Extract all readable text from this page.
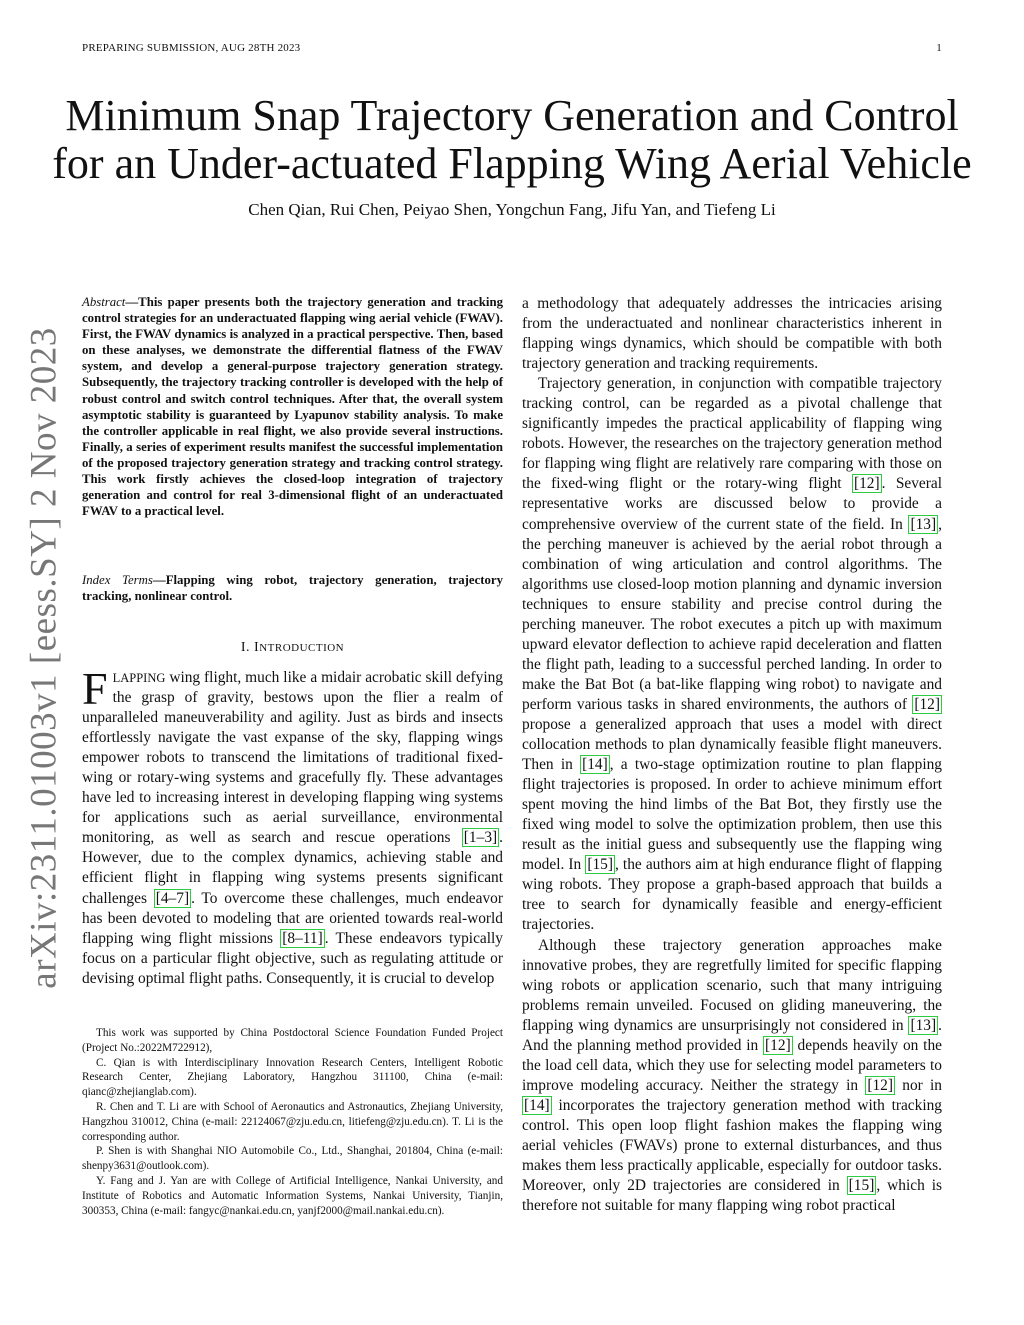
PREPARING SUBMISSION, AUG 28TH 2023	1
arXiv:2311.01003v1 [eess.SY] 2 Nov 2023
Minimum Snap Trajectory Generation and Control
for an Under-actuated Flapping Wing Aerial Vehicle
Chen Qian, Rui Chen, Peiyao Shen, Yongchun Fang, Jifu Yan, and Tiefeng Li

Abstract—This paper presents both the trajectory generation and tracking control strategies for an underactuated flapping wing aerial vehicle (FWAV). First, the FWAV dynamics is analyzed in a practical perspective. Then, based on these analyses, we demonstrate the differential flatness of the FWAV system, and develop a general-purpose trajectory generation strategy. Subsequently, the trajectory tracking controller is developed with the help of robust control and switch control techniques. After that, the overall system asymptotic stability is guaranteed by Lyapunov stability analysis. To make the controller applicable in real flight, we also provide several instructions. Finally, a series of experiment results manifest the successful implementation of the proposed trajectory generation strategy and tracking control strategy. This work firstly achieves the closed-loop integration of trajectory generation and control for real 3-dimensional flight of an underactuated FWAV to a practical level.

Index Terms—Flapping wing robot, trajectory generation, trajectory tracking, nonlinear control.

I. INTRODUCTION

FLAPPING wing flight, much like a midair acrobatic skill defying the grasp of gravity, bestows upon the flier a realm of unparalleled maneuverability and agility. Just as birds and insects effortlessly navigate the vast expanse of the sky, flapping wings empower robots to transcend the limitations of traditional fixed-wing or rotary-wing systems and gracefully fly. These advantages have led to increasing interest in developing flapping wing systems for applications such as aerial surveillance, environmental monitoring, as well as search and rescue operations [1–3] . However, due to the complex dynamics, achieving stable and efficient flight in flapping wing systems presents significant challenges [4–7] . To overcome these challenges, much endeavor has been devoted to modeling that are oriented towards real-world flapping wing flight missions [8–11] . These endeavors typically focus on a particular flight objective, such as regulating attitude or devising optimal flight paths. Consequently, it is crucial to develop

This work was supported by China Postdoctoral Science Foundation Funded Project (Project No.:2022M722912),

C. Qian is with Interdisciplinary Innovation Research Centers, Intelligent Robotic Research Center, Zhejiang Laboratory, Hangzhou 311100, China (e-mail: qianc@zhejianglab.com).

R. Chen and T. Li are with School of Aeronautics and Astronautics, Zhejiang University, Hangzhou 310012, China (e-mail: 22124067@zju.edu.cn, litiefeng@zju.edu.cn). T. Li is the corresponding author.

P. Shen is with Shanghai NIO Automobile Co., Ltd., Shanghai, 201804, China (e-mail: shenpy3631@outlook.com).

Y. Fang and J. Yan are with College of Artificial Intelligence, Nankai University, and Institute of Robotics and Automatic Information Systems, Nankai University, Tianjin, 300353, China (e-mail: fangyc@nankai.edu.cn, yanjf2000@mail.nankai.edu.cn).

a methodology that adequately addresses the intricacies arising from the underactuated and nonlinear characteristics inherent in flapping wings dynamics, which should be compatible with both trajectory generation and tracking requirements.

Trajectory generation, in conjunction with compatible trajectory tracking control, can be regarded as a pivotal challenge that significantly impedes the practical applicability of flapping wing robots. However, the researches on the trajectory generation method for flapping wing flight are relatively rare comparing with those on the fixed-wing flight or the rotary-wing flight [12] . Several representative works are discussed below to provide a comprehensive overview of the current state of the field. In [13] , the perching maneuver is achieved by the aerial robot through a combination of wing articulation and control algorithms. The algorithms use closed-loop motion planning and dynamic inversion techniques to ensure stability and precise control during the perching maneuver. The robot executes a pitch up with maximum upward elevator deflection to achieve rapid deceleration and flatten the flight path, leading to a successful perched landing. In order to make the Bat Bot (a bat-like flapping wing robot) to navigate and perform various tasks in shared environments, the authors of [12] propose a generalized approach that uses a model with direct collocation methods to plan dynamically feasible flight maneuvers. Then in [14] , a two-stage optimization routine to plan flapping flight trajectories is proposed. In order to achieve minimum effort spent moving the hind limbs of the Bat Bot, they firstly use the fixed wing model to solve the optimization problem, then use this result as the initial guess and subsequently use the flapping wing model. In [15] , the authors aim at high endurance flight of flapping wing robots. They propose a graph-based approach that builds a tree to search for dynamically feasible and energy-efficient trajectories.

Although these trajectory generation approaches make innovative probes, they are regretfully limited for specific flapping wing robots or application scenario, such that many intriguing problems remain unveiled. Focused on gliding maneuvering, the flapping wing dynamics are unsurprisingly not considered in [13] . And the planning method provided in [12] depends heavily on the the load cell data, which they use for selecting model parameters to improve modeling accuracy. Neither the strategy in [12] nor in [14] incorporates the trajectory generation method with tracking control. This open loop flight fashion makes the flapping wing aerial vehicles (FWAVs) prone to external disturbances, and thus makes them less practically applicable, especially for outdoor tasks. Moreover, only 2D trajectories are considered in [15] , which is therefore not suitable for many flapping wing robot practical
